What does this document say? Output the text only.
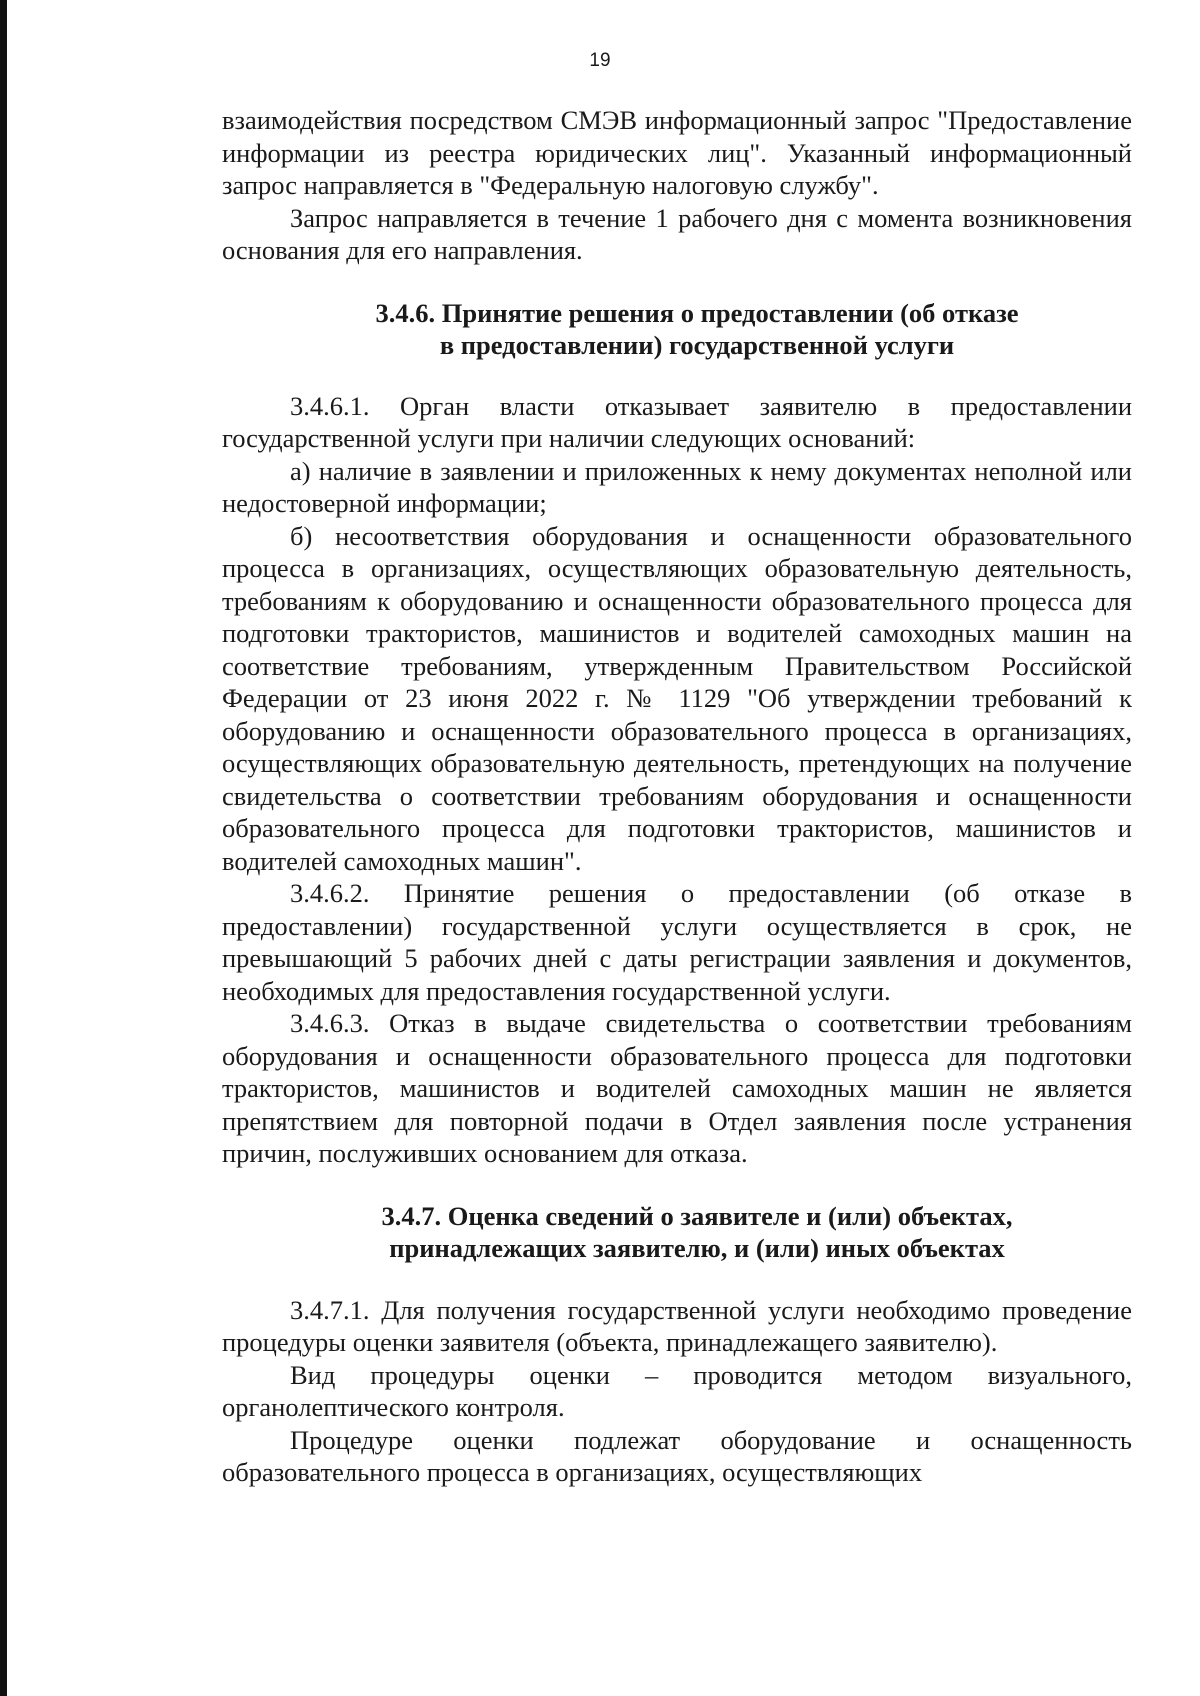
19

взаимодействия посредством СМЭВ информационный запрос "Предоставление информации из реестра юридических лиц". Указанный информационный запрос направляется в "Федеральную налоговую службу".

Запрос направляется в течение 1 рабочего дня с момента возникновения основания для его направления.

3.4.6. Принятие решения о предоставлении (об отказе
в предоставлении) государственной услуги

3.4.6.1. Орган власти отказывает заявителю в предоставлении государственной услуги при наличии следующих оснований:

а) наличие в заявлении и приложенных к нему документах неполной или недостоверной информации;

б) несоответствия оборудования и оснащенности образовательного процесса в организациях, осуществляющих образовательную деятельность, требованиям к оборудованию и оснащенности образовательного процесса для подготовки трактористов, машинистов и водителей самоходных машин на соответствие требованиям, утвержденным Правительством Российской Федерации от 23 июня 2022 г. № 1129 "Об утверждении требований к оборудованию и оснащенности образовательного процесса в организациях, осуществляющих образовательную деятельность, претендующих на получение свидетельства о соответствии требованиям оборудования и оснащенности образовательного процесса для подготовки трактористов, машинистов и водителей самоходных машин".

3.4.6.2. Принятие решения о предоставлении (об отказе в предоставлении) государственной услуги осуществляется в срок, не превышающий 5 рабочих дней с даты регистрации заявления и документов, необходимых для предоставления государственной услуги.

3.4.6.3. Отказ в выдаче свидетельства о соответствии требованиям оборудования и оснащенности образовательного процесса для подготовки трактористов, машинистов и водителей самоходных машин не является препятствием для повторной подачи в Отдел заявления после устранения причин, послуживших основанием для отказа.

3.4.7. Оценка сведений о заявителе и (или) объектах,
принадлежащих заявителю, и (или) иных объектах

3.4.7.1. Для получения государственной услуги необходимо проведение процедуры оценки заявителя (объекта, принадлежащего заявителю).

Вид процедуры оценки – проводится методом визуального, органолептического контроля.

Процедуре оценки подлежат оборудование и оснащенность образовательного процесса в организациях, осуществляющих
